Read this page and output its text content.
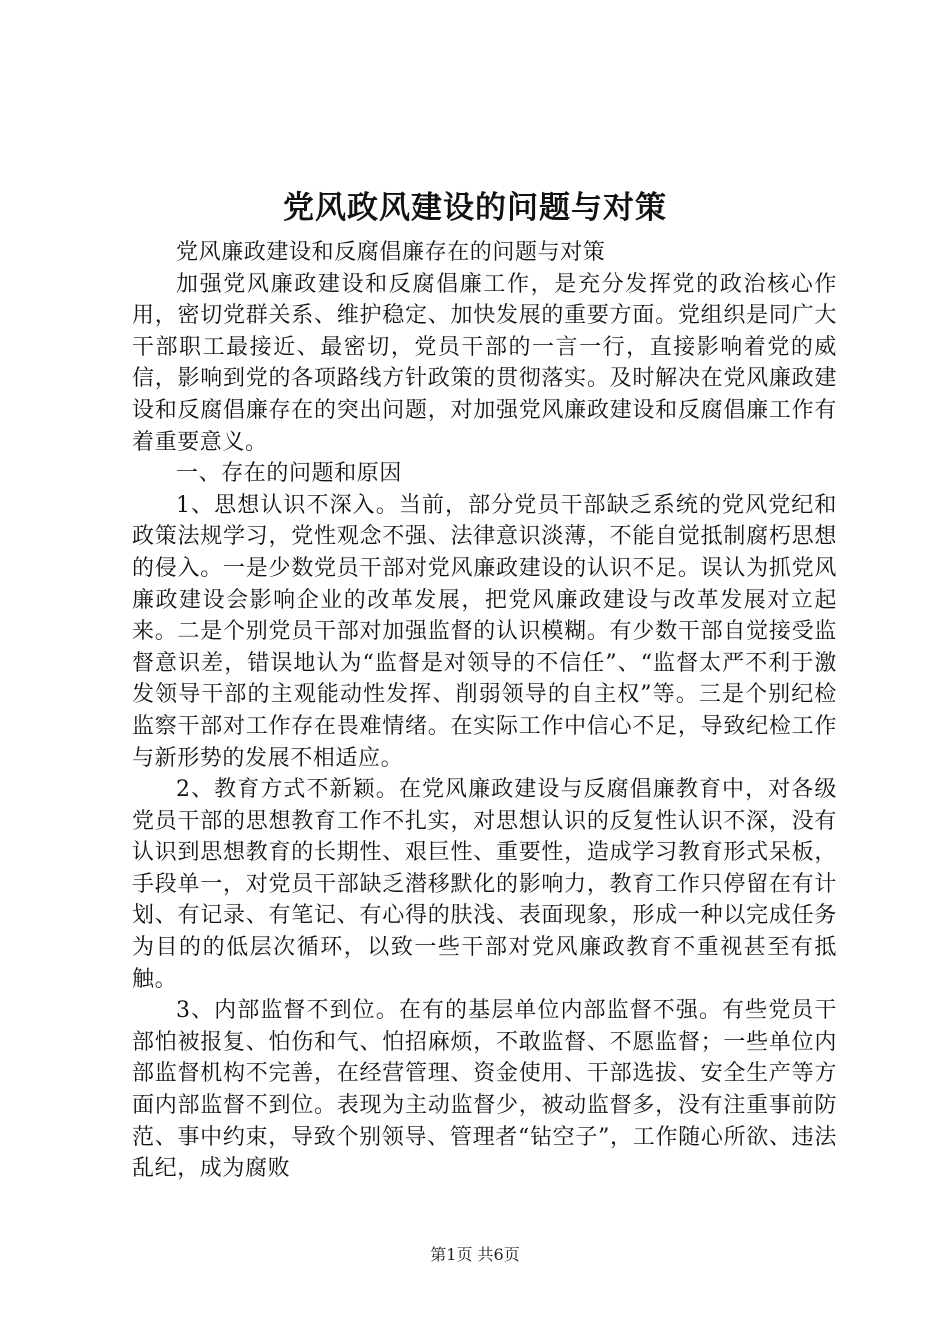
党风政风建设的问题与对策

党风廉政建设和反腐倡廉存在的问题与对策

加强党风廉政建设和反腐倡廉工作，是充分发挥党的政治核心作用，密切党群关系、维护稳定、加快发展的重要方面。党组织是同广大干部职工最接近、最密切，党员干部的一言一行，直接影响着党的威信，影响到党的各项路线方针政策的贯彻落实。及时解决在党风廉政建设和反腐倡廉存在的突出问题，对加强党风廉政建设和反腐倡廉工作有着重要意义。

一、存在的问题和原因

1、思想认识不深入。当前，部分党员干部缺乏系统的党风党纪和政策法规学习，党性观念不强、法律意识淡薄，不能自觉抵制腐朽思想的侵入。一是少数党员干部对党风廉政建设的认识不足。误认为抓党风廉政建设会影响企业的改革发展，把党风廉政建设与改革发展对立起来。二是个别党员干部对加强监督的认识模糊。有少数干部自觉接受监督意识差，错误地认为“监督是对领导的不信任”、“监督太严不利于激发领导干部的主观能动性发挥、削弱领导的自主权”等。三是个别纪检监察干部对工作存在畏难情绪。在实际工作中信心不足，导致纪检工作与新形势的发展不相适应。

2、教育方式不新颖。在党风廉政建设与反腐倡廉教育中，对各级党员干部的思想教育工作不扎实，对思想认识的反复性认识不深，没有认识到思想教育的长期性、艰巨性、重要性，造成学习教育形式呆板，手段单一，对党员干部缺乏潜移默化的影响力，教育工作只停留在有计划、有记录、有笔记、有心得的肤浅、表面现象，形成一种以完成任务为目的的低层次循环，以致一些干部对党风廉政教育不重视甚至有抵触。

3、内部监督不到位。在有的基层单位内部监督不强。有些党员干部怕被报复、怕伤和气、怕招麻烦，不敢监督、不愿监督；一些单位内部监督机构不完善，在经营管理、资金使用、干部选拔、安全生产等方面内部监督不到位。表现为主动监督少，被动监督多，没有注重事前防范、事中约束，导致个别领导、管理者“钻空子”，工作随心所欲、违法乱纪，成为腐败

第1页 共6页
